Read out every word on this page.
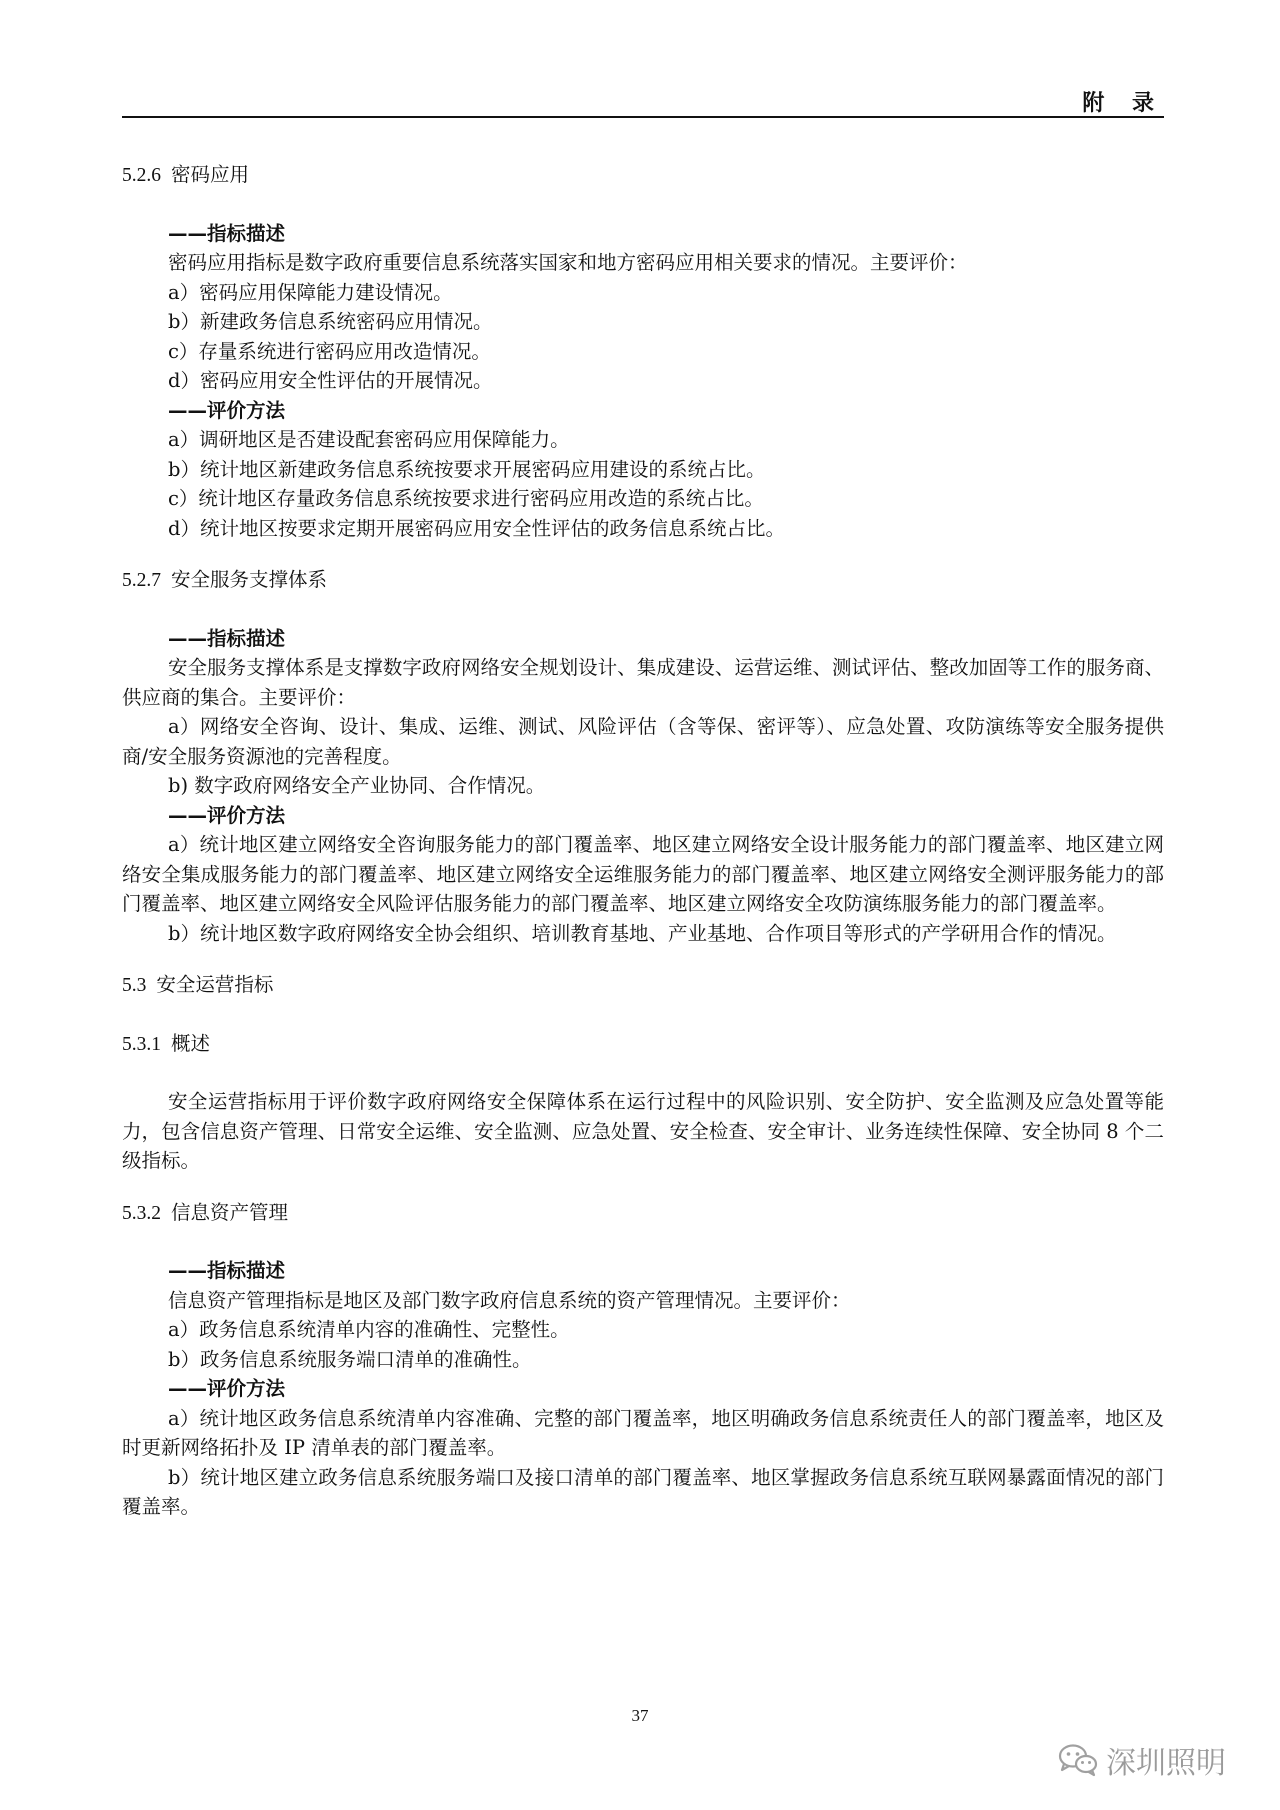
附 录
5.2.6 密码应用
——指标描述
密码应用指标是数字政府重要信息系统落实国家和地方密码应用相关要求的情况。主要评价：
a）密码应用保障能力建设情况。
b）新建政务信息系统密码应用情况。
c）存量系统进行密码应用改造情况。
d）密码应用安全性评估的开展情况。
——评价方法
a）调研地区是否建设配套密码应用保障能力。
b）统计地区新建政务信息系统按要求开展密码应用建设的系统占比。
c）统计地区存量政务信息系统按要求进行密码应用改造的系统占比。
d）统计地区按要求定期开展密码应用安全性评估的政务信息系统占比。
5.2.7 安全服务支撑体系
——指标描述
安全服务支撑体系是支撑数字政府网络安全规划设计、集成建设、运营运维、测试评估、整改加固等工作的服务商、供应商的集合。主要评价：
a）网络安全咨询、设计、集成、运维、测试、风险评估（含等保、密评等）、应急处置、攻防演练等安全服务提供商/安全服务资源池的完善程度。
b) 数字政府网络安全产业协同、合作情况。
——评价方法
a）统计地区建立网络安全咨询服务能力的部门覆盖率、地区建立网络安全设计服务能力的部门覆盖率、地区建立网络安全集成服务能力的部门覆盖率、地区建立网络安全运维服务能力的部门覆盖率、地区建立网络安全测评服务能力的部门覆盖率、地区建立网络安全风险评估服务能力的部门覆盖率、地区建立网络安全攻防演练服务能力的部门覆盖率。
b）统计地区数字政府网络安全协会组织、培训教育基地、产业基地、合作项目等形式的产学研用合作的情况。
5.3 安全运营指标
5.3.1 概述
安全运营指标用于评价数字政府网络安全保障体系在运行过程中的风险识别、安全防护、安全监测及应急处置等能力，包含信息资产管理、日常安全运维、安全监测、应急处置、安全检查、安全审计、业务连续性保障、安全协同 8 个二级指标。
5.3.2 信息资产管理
——指标描述
信息资产管理指标是地区及部门数字政府信息系统的资产管理情况。主要评价：
a）政务信息系统清单内容的准确性、完整性。
b）政务信息系统服务端口清单的准确性。
——评价方法
a）统计地区政务信息系统清单内容准确、完整的部门覆盖率，地区明确政务信息系统责任人的部门覆盖率，地区及时更新网络拓扑及 IP 清单表的部门覆盖率。
b）统计地区建立政务信息系统服务端口及接口清单的部门覆盖率、地区掌握政务信息系统互联网暴露面情况的部门覆盖率。
37
深圳照明
